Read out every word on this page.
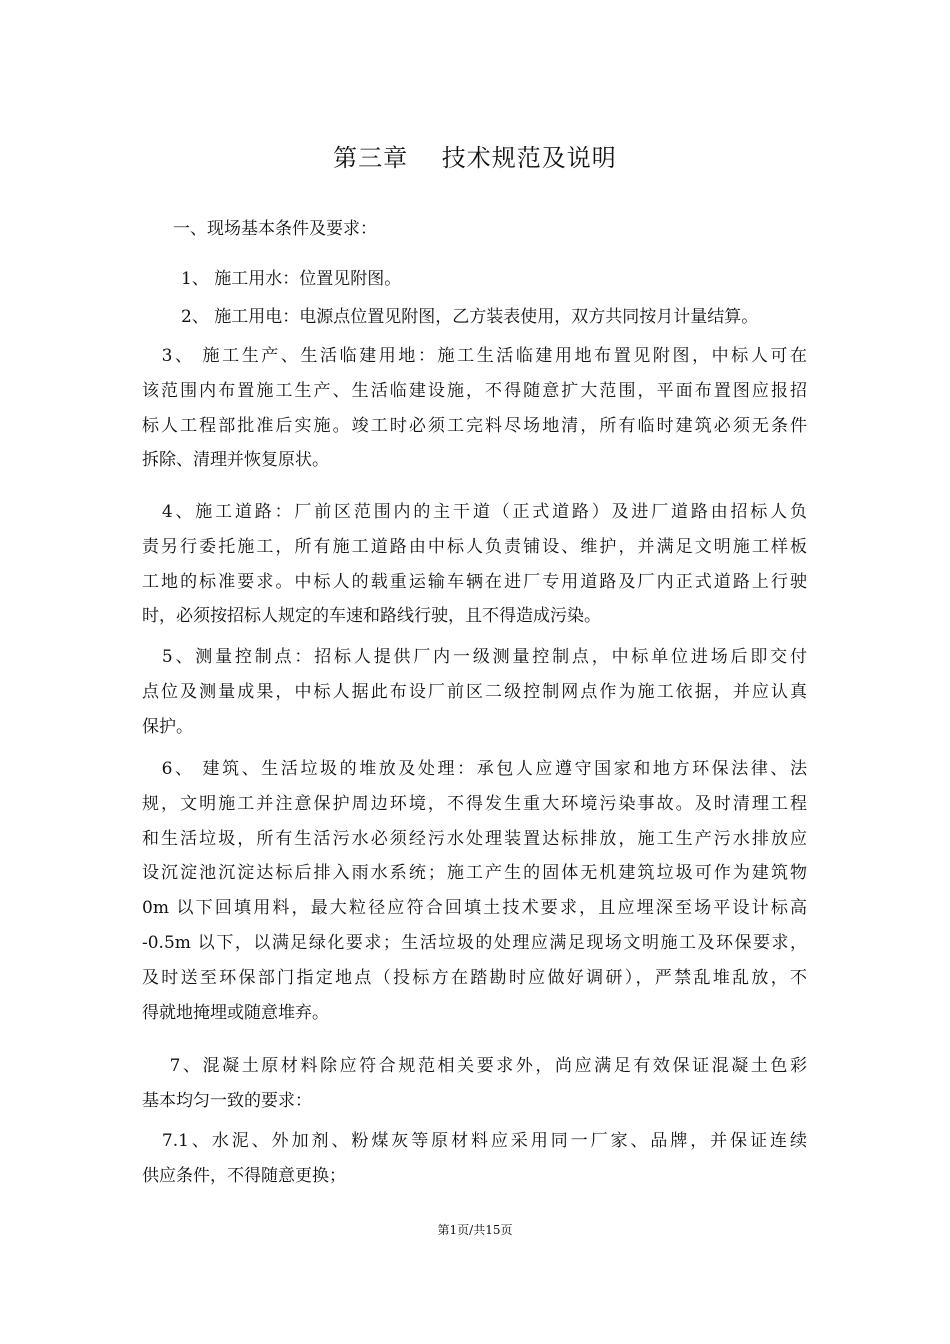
第三章　 技术规范及说明
一、现场基本条件及要求：
1、 施工用水：位置见附图。
2、 施工用电：电源点位置见附图，乙方装表使用，双方共同按月计量结算。
　3、 施工生产、生活临建用地：施工生活临建用地布置见附图，中标人可在
该范围内布置施工生产、生活临建设施，不得随意扩大范围，平面布置图应报招
标人工程部批准后实施。竣工时必须工完料尽场地清，所有临时建筑必须无条件
拆除、清理并恢复原状。
　4、施工道路：厂前区范围内的主干道（正式道路）及进厂道路由招标人负
责另行委托施工，所有施工道路由中标人负责铺设、维护，并满足文明施工样板
工地的标准要求。中标人的载重运输车辆在进厂专用道路及厂内正式道路上行驶
时，必须按招标人规定的车速和路线行驶，且不得造成污染。
　5、测量控制点：招标人提供厂内一级测量控制点，中标单位进场后即交付
点位及测量成果，中标人据此布设厂前区二级控制网点作为施工依据，并应认真
保护。
　6、 建筑、生活垃圾的堆放及处理：承包人应遵守国家和地方环保法律、法
规，文明施工并注意保护周边环境，不得发生重大环境污染事故。及时清理工程
和生活垃圾，所有生活污水必须经污水处理装置达标排放，施工生产污水排放应
设沉淀池沉淀达标后排入雨水系统；施工产生的固体无机建筑垃圾可作为建筑物
0m 以下回填用料，最大粒径应符合回填土技术要求，且应埋深至场平设计标高
-0.5m 以下，以满足绿化要求；生活垃圾的处理应满足现场文明施工及环保要求，
及时送至环保部门指定地点（投标方在踏勘时应做好调研），严禁乱堆乱放，不
得就地掩埋或随意堆弃。
　 7、混凝土原材料除应符合规范相关要求外，尚应满足有效保证混凝土色彩
基本均匀一致的要求：
　7.1、水泥、外加剂、粉煤灰等原材料应采用同一厂家、品牌，并保证连续
供应条件，不得随意更换；
第1页/共15页
